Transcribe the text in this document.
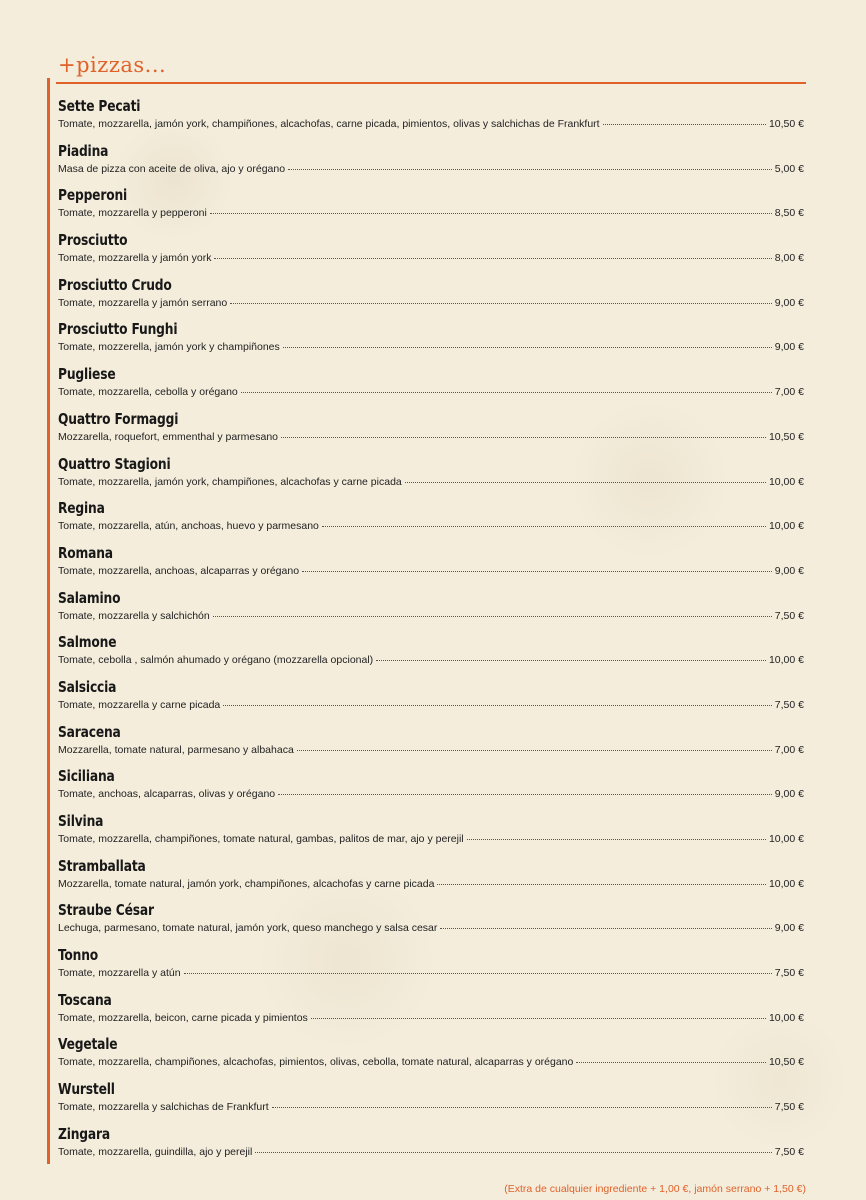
+pizzas...
Sette Pecati
Tomate, mozzarella, jamón york, champiñones, alcachofas, carne picada, pimientos, olivas y salchichas de Frankfurt	10,50 €
Piadina
Masa de pizza con aceite de oliva, ajo y orégano	5,00 €
Pepperoni
Tomate, mozzarella y pepperoni	8,50 €
Prosciutto
Tomate, mozzarella y jamón york	8,00 €
Prosciutto Crudo
Tomate, mozzarella y jamón serrano	9,00 €
Prosciutto Funghi
Tomate, mozzerella, jamón york y champiñones	9,00 €
Pugliese
Tomate, mozzarella, cebolla y orégano	7,00 €
Quattro Formaggi
Mozzarella, roquefort, emmenthal y parmesano	10,50 €
Quattro Stagioni
Tomate, mozzarella, jamón york, champiñones, alcachofas y carne picada	10,00 €
Regina
Tomate, mozzarella, atún, anchoas, huevo y parmesano	10,00 €
Romana
Tomate, mozzarella, anchoas, alcaparras y orégano	9,00 €
Salamino
Tomate, mozzarella y salchichón	7,50 €
Salmone
Tomate, cebolla , salmón ahumado y orégano (mozzarella opcional)	10,00 €
Salsiccia
Tomate, mozzarella y carne picada	7,50 €
Saracena
Mozzarella, tomate natural, parmesano y albahaca	7,00 €
Siciliana
Tomate, anchoas, alcaparras, olivas y orégano	9,00 €
Silvina
Tomate, mozzarella, champiñones, tomate natural, gambas, palitos de mar, ajo y perejil	10,00 €
Stramballata
Mozzarella, tomate natural, jamón york, champiñones, alcachofas y carne picada	10,00 €
Straube César
Lechuga, parmesano, tomate natural, jamón york, queso manchego y salsa cesar	9,00 €
Tonno
Tomate, mozzarella y atún	7,50 €
Toscana
Tomate, mozzarella, beicon, carne picada y pimientos	10,00 €
Vegetale
Tomate, mozzarella, champiñones, alcachofas, pimientos, olivas, cebolla, tomate natural, alcaparras y orégano	10,50 €
Wurstell
Tomate, mozzarella y salchichas de Frankfurt	7,50 €
Zingara
Tomate, mozzarella, guindilla, ajo y perejil	7,50 €
(Extra de cualquier ingrediente + 1,00 €, jamón serrano + 1,50 €)
